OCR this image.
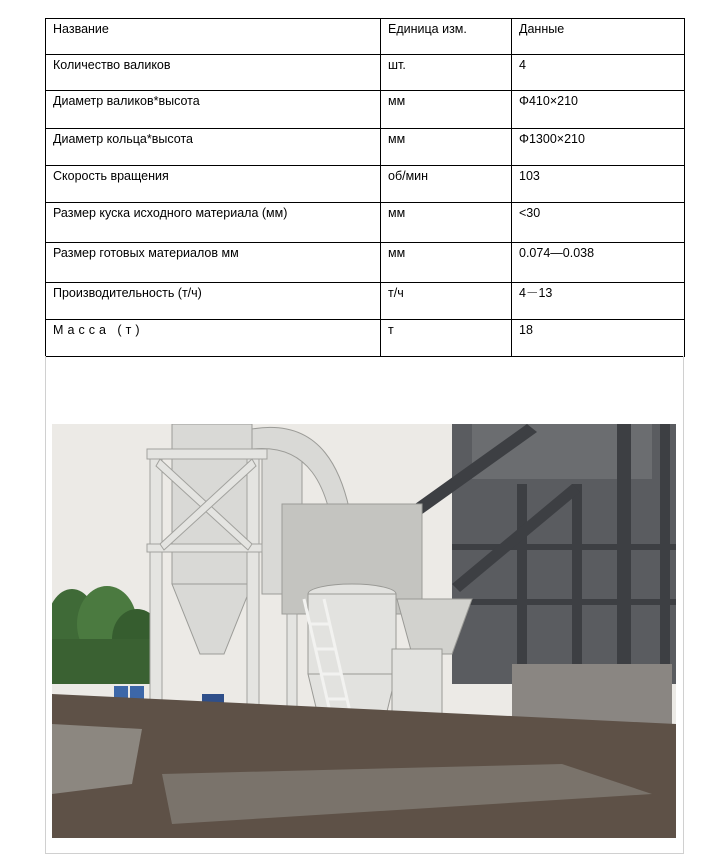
Название	Единица изм.	Данные
Количество валиков	шт.	4
Диаметр валиков*высота	мм	Φ410×210
Диаметр кольца*высота	мм	Φ1300×210
Скорость вращения	об/мин	103
Размер куска исходного материала (мм)	мм	<30
Размер готовых материалов мм	мм	0.074—0.038
Производительность (т/ч)	т/ч	4－13
Масса (т)	т	18
